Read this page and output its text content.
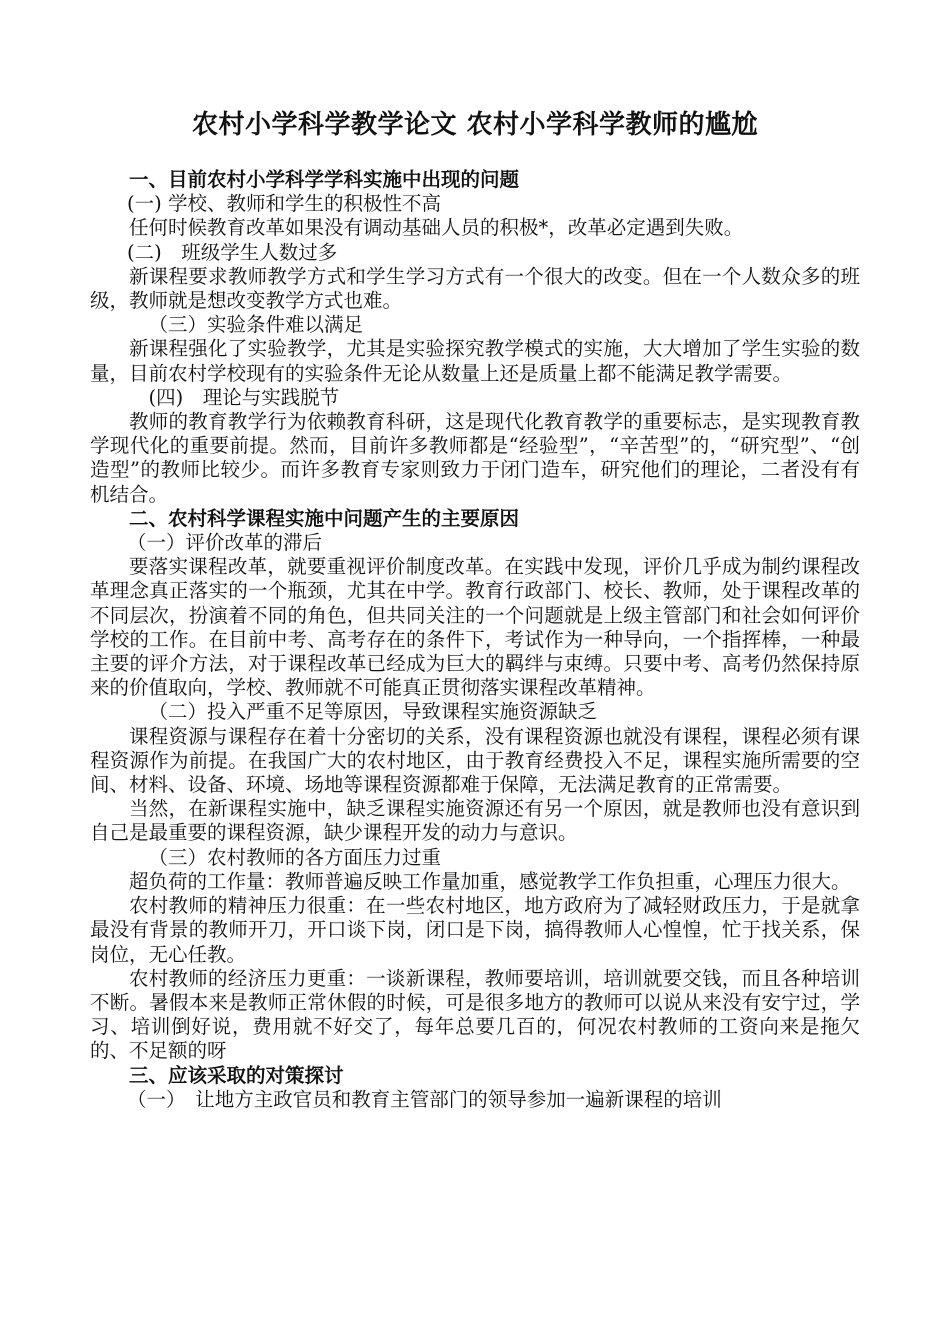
农村小学科学教学论文 农村小学科学教师的尴尬

一、目前农村小学科学学科实施中出现的问题

(一) 学校、教师和学生的积极性不高

任何时候教育改革如果没有调动基础人员的积极*，改革必定遇到失败。

(二)　班级学生人数过多

新课程要求教师教学方式和学生学习方式有一个很大的改变。但在一个人数众多的班级，教师就是想改变教学方式也难。

（三）实验条件难以满足

新课程强化了实验教学，尤其是实验探究教学模式的实施，大大增加了学生实验的数量，目前农村学校现有的实验条件无论从数量上还是质量上都不能满足教学需要。

(四)　理论与实践脱节

教师的教育教学行为依赖教育科研，这是现代化教育教学的重要标志，是实现教育教学现代化的重要前提。然而，目前许多教师都是“经验型”，“辛苦型”的，“研究型”、“创造型”的教师比较少。而许多教育专家则致力于闭门造车，研究他们的理论，二者没有有机结合。

二、农村科学课程实施中问题产生的主要原因

（一）评价改革的滞后

要落实课程改革，就要重视评价制度改革。在实践中发现，评价几乎成为制约课程改革理念真正落实的一个瓶颈，尤其在中学。教育行政部门、校长、教师，处于课程改革的不同层次，扮演着不同的角色，但共同关注的一个问题就是上级主管部门和社会如何评价学校的工作。在目前中考、高考存在的条件下，考试作为一种导向，一个指挥棒，一种最主要的评介方法，对于课程改革已经成为巨大的羁绊与束缚。只要中考、高考仍然保持原来的价值取向，学校、教师就不可能真正贯彻落实课程改革精神。

（二）投入严重不足等原因，导致课程实施资源缺乏

课程资源与课程存在着十分密切的关系，没有课程资源也就没有课程，课程必须有课程资源作为前提。在我国广大的农村地区，由于教育经费投入不足，课程实施所需要的空间、材料、设备、环境、场地等课程资源都难于保障，无法满足教育的正常需要。

当然，在新课程实施中，缺乏课程实施资源还有另一个原因，就是教师也没有意识到自己是最重要的课程资源，缺少课程开发的动力与意识。

（三）农村教师的各方面压力过重

超负荷的工作量：教师普遍反映工作量加重，感觉教学工作负担重，心理压力很大。

农村教师的精神压力很重：在一些农村地区，地方政府为了减轻财政压力，于是就拿最没有背景的教师开刀，开口谈下岗，闭口是下岗，搞得教师人心惶惶，忙于找关系，保岗位，无心任教。

农村教师的经济压力更重：一谈新课程，教师要培训，培训就要交钱，而且各种培训不断。暑假本来是教师正常休假的时候，可是很多地方的教师可以说从来没有安宁过，学习、培训倒好说，费用就不好交了，每年总要几百的，何况农村教师的工资向来是拖欠的、不足额的呀

三、应该采取的对策探讨

（一）　让地方主政官员和教育主管部门的领导参加一遍新课程的培训
